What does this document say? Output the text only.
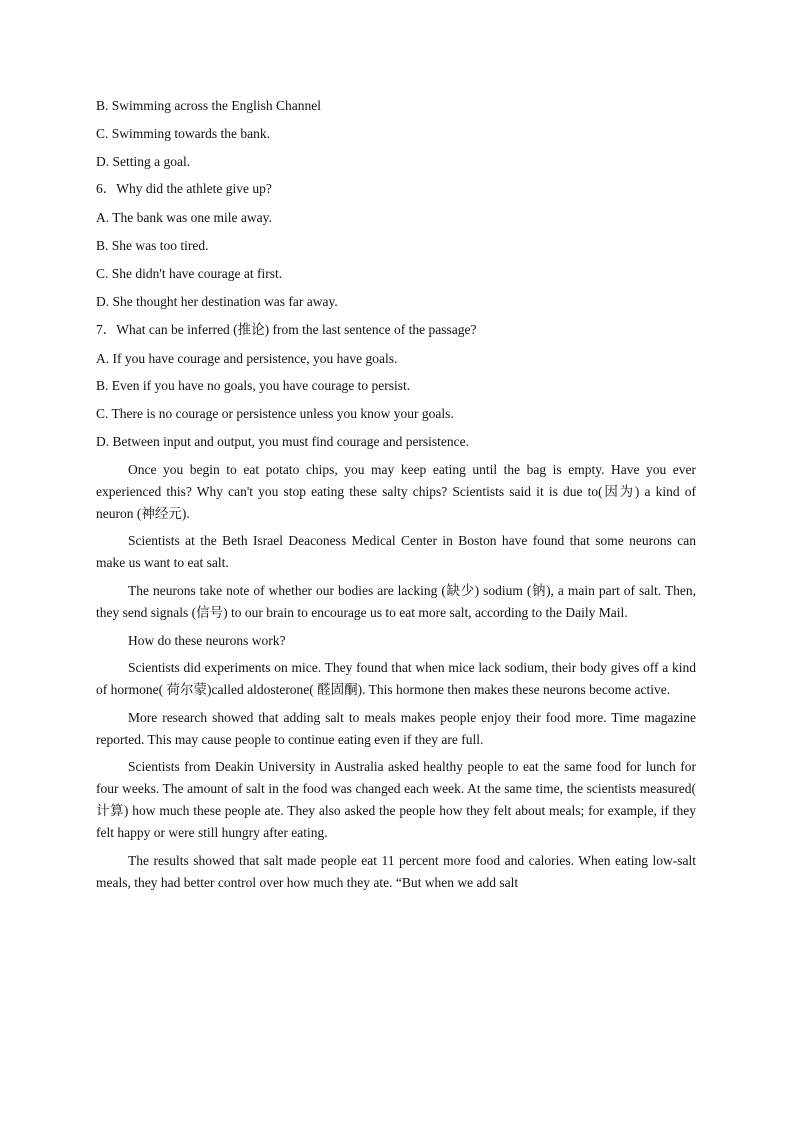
B. Swimming across the English Channel
C. Swimming towards the bank.
D. Setting a goal.
6．Why did the athlete give up?
A. The bank was one mile away.
B. She was too tired.
C. She didn't have courage at first.
D. She thought her destination was far away.
7．What can be inferred (推论) from the last sentence of the passage?
A. If you have courage and persistence, you have goals.
B. Even if you have no goals, you have courage to persist.
C. There is no courage or persistence unless you know your goals.
D. Between input and output, you must find courage and persistence.

Once you begin to eat potato chips, you may keep eating until the bag is empty. Have you ever experienced this? Why can't you stop eating these salty chips? Scientists said it is due to(因为) a kind of neuron (神经元).

Scientists at the Beth Israel Deaconess Medical Center in Boston have found that some neurons can make us want to eat salt.

The neurons take note of whether our bodies are lacking (缺少) sodium (钠), a main part of salt. Then, they send signals (信号) to our brain to encourage us to eat more salt, according to the Daily Mail.

How do these neurons work?

Scientists did experiments on mice. They found that when mice lack sodium, their body gives off a kind of hormone( 荷尔蒙)called aldosterone( 醛固酮). This hormone then makes these neurons become active.

More research showed that adding salt to meals makes people enjoy their food more. Time magazine reported. This may cause people to continue eating even if they are full.

Scientists from Deakin University in Australia asked healthy people to eat the same food for lunch for four weeks. The amount of salt in the food was changed each week. At the same time, the scientists measured( 计算) how much these people ate. They also asked the people how they felt about meals; for example, if they felt happy or were still hungry after eating.

The results showed that salt made people eat 11 percent more food and calories. When eating low-salt meals, they had better control over how much they ate. “But when we add salt
